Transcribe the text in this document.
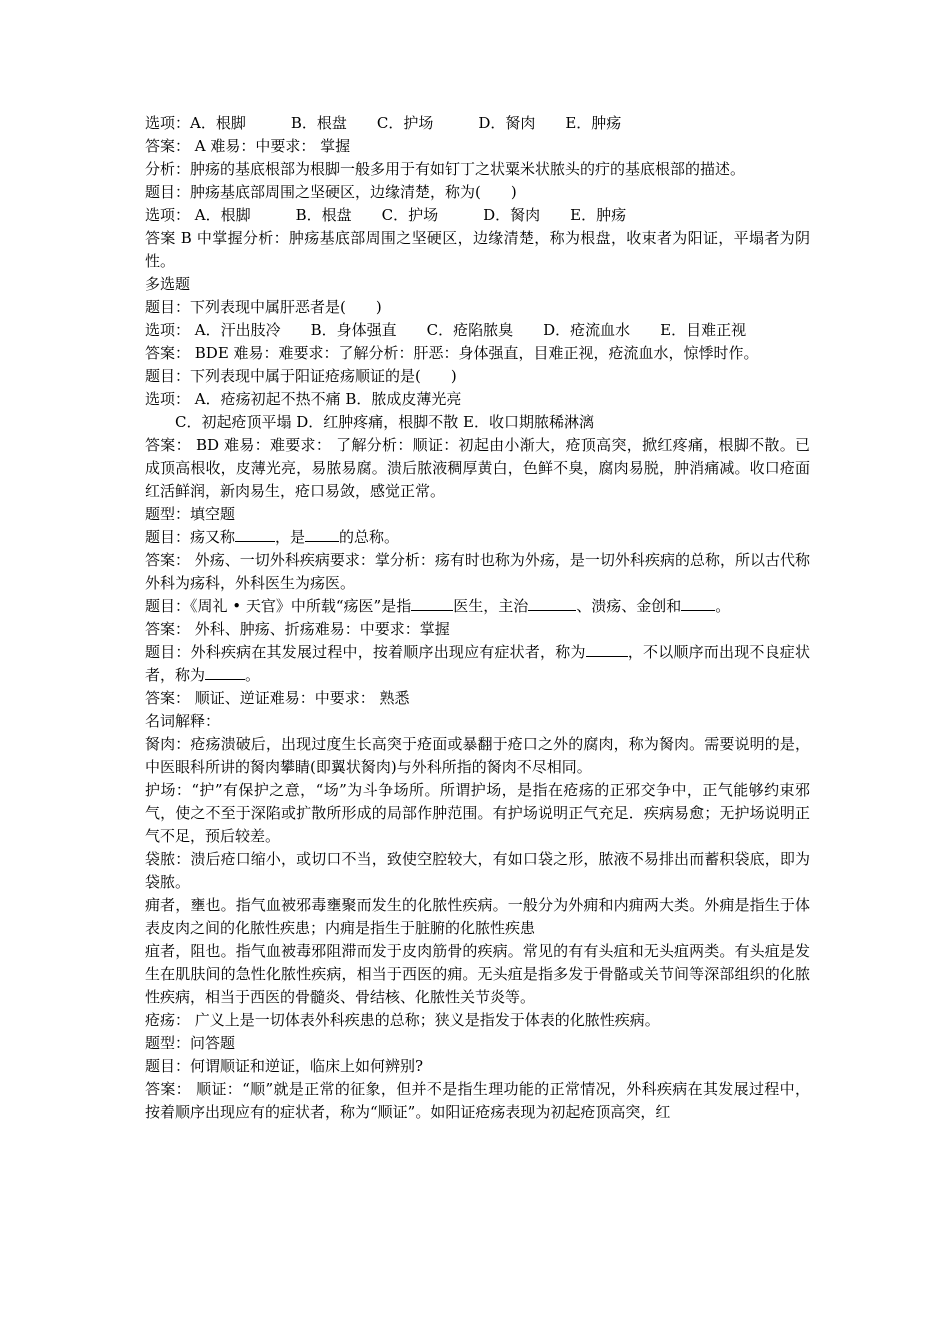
选项：A．根脚　　　B．根盘　　C．护场　　　D．胬肉　　E．肿疡
答案： A 难易：中要求： 掌握
分析：肿疡的基底根部为根脚一般多用于有如钉丁之状粟米状脓头的疔的基底根部的描述。
题目：肿疡基底部周围之坚硬区，边缘清楚，称为(　　)
选项： A．根脚　　　B．根盘　　C．护场　　　D．胬肉　　E．肿疡
答案 B 中掌握分析：肿疡基底部周围之坚硬区，边缘清楚，称为根盘，收束者为阳证，平塌者为阴性。
多选题
题目：下列表现中属肝恶者是(　　)
选项： A．汗出肢冷　　B．身体强直　　C．疮陷脓臭　　D．疮流血水　　E．目难正视
答案： BDE 难易：难要求：了解分析：肝恶：身体强直，目难正视，疮流血水，惊悸时作。
题目：下列表现中属于阳证疮疡顺证的是(　　)
选项： A．疮疡初起不热不痛 B．脓成皮薄光亮
C．初起疮顶平塌 D．红肿疼痛，根脚不散 E．收口期脓稀淋漓
答案： BD 难易：难要求： 了解分析：顺证：初起由小渐大，疮顶高突，掀红疼痛，根脚不散。已成顶高根收，皮薄光亮，易脓易腐。溃后脓液稠厚黄白，色鲜不臭，腐肉易脱，肿消痛减。收口疮面红活鲜润，新肉易生，疮口易敛，感觉正常。
题型：填空题
题目：疡又称	，是 的总称。
答案： 外疡、一切外科疾病要求：掌分析：疡有时也称为外疡，是一切外科疾病的总称，所以古代称外科为疡科，外科医生为疡医。
题目：《周礼 • 天官》中所载“疡医”是指	医生，主治	、溃疡、金创和 。
答案： 外科、肿疡、折疡难易：中要求：掌握
题目：外科疾病在其发展过程中，按着顺序出现应有症状者，称为	，不以顺序而出现不良症状者，称为	。
答案： 顺证、逆证难易：中要求： 熟悉
名词解释：
胬肉：疮疡溃破后，出现过度生长高突于疮面或暴翻于疮口之外的腐肉，称为胬肉。需要说明的是，中医眼科所讲的胬肉攀睛(即翼状胬肉)与外科所指的胬肉不尽相同。
护场：“护”有保护之意，“场”为斗争场所。所谓护场，是指在疮疡的正邪交争中，正气能够约束邪气，使之不至于深陷或扩散所形成的局部作肿范围。有护场说明正气充足．疾病易愈；无护场说明正气不足，预后较差。
袋脓：溃后疮口缩小，或切口不当，致使空腔较大，有如口袋之形，脓液不易排出而蓄积袋底，即为袋脓。
痈者，壅也。指气血被邪毒壅聚而发生的化脓性疾病。一般分为外痈和内痈两大类。外痈是指生于体表皮肉之间的化脓性疾患；内痈是指生于脏腑的化脓性疾患
疽者，阻也。指气血被毒邪阻滞而发于皮肉筋骨的疾病。常见的有有头疽和无头疽两类。有头疽是发生在肌肤间的急性化脓性疾病，相当于西医的痈。无头疽是指多发于骨骼或关节间等深部组织的化脓性疾病，相当于西医的骨髓炎、骨结核、化脓性关节炎等。
疮疡： 广义上是一切体表外科疾患的总称；狭义是指发于体表的化脓性疾病。
题型：问答题
题目：何谓顺证和逆证，临床上如何辨别?
答案： 顺证：“顺”就是正常的征象，但并不是指生理功能的正常情况，外科疾病在其发展过程中，按着顺序出现应有的症状者，称为“顺证”。如阳证疮疡表现为初起疮顶高突，红
